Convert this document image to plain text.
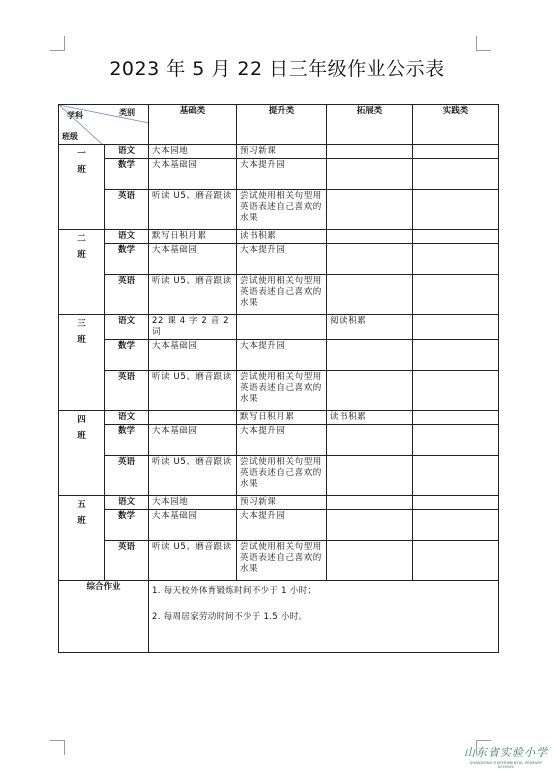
2023 年 5 月 22 日三年级作业公示表
学科 类别
班级		基础类	提升类	拓展类	实践类

一
班	语文	大本园地	预习新课		
	数学	大本基础园	大本提升园		
	英语	听读 U5、磨音跟读	尝试使用相关句型用英语表述自己喜欢的水果		

二
班	语文	默写日积月累	读书积累		
	数学	大本基础园	大本提升园		
	英语	听读 U5、磨音跟读	尝试使用相关句型用英语表述自己喜欢的水果		

三
班	语文	22 课 4 字 2 音 2 词		阅读积累	
	数学	大本基础园	大本提升园		
	英语	听读 U5、磨音跟读	尝试使用相关句型用英语表述自己喜欢的水果		

四
班	语文		默写日积月累	读书积累	
	数学	大本基础园	大本提升园		
	英语	听读 U5、磨音跟读	尝试使用相关句型用英语表述自己喜欢的水果		

五
班	语文	大本园地	预习新课		
	数学	大本基础园	大本提升园		
	英语	听读 U5、磨音跟读	尝试使用相关句型用英语表述自己喜欢的水果		
综合作业		1. 每天校外体育锻炼时间不少于 1 小时；
2. 每周居家劳动时间不少于 1.5 小时。			
山东省实验小学
SHANDONG EXPERIMENTAL PRIMARY SCHOOL
